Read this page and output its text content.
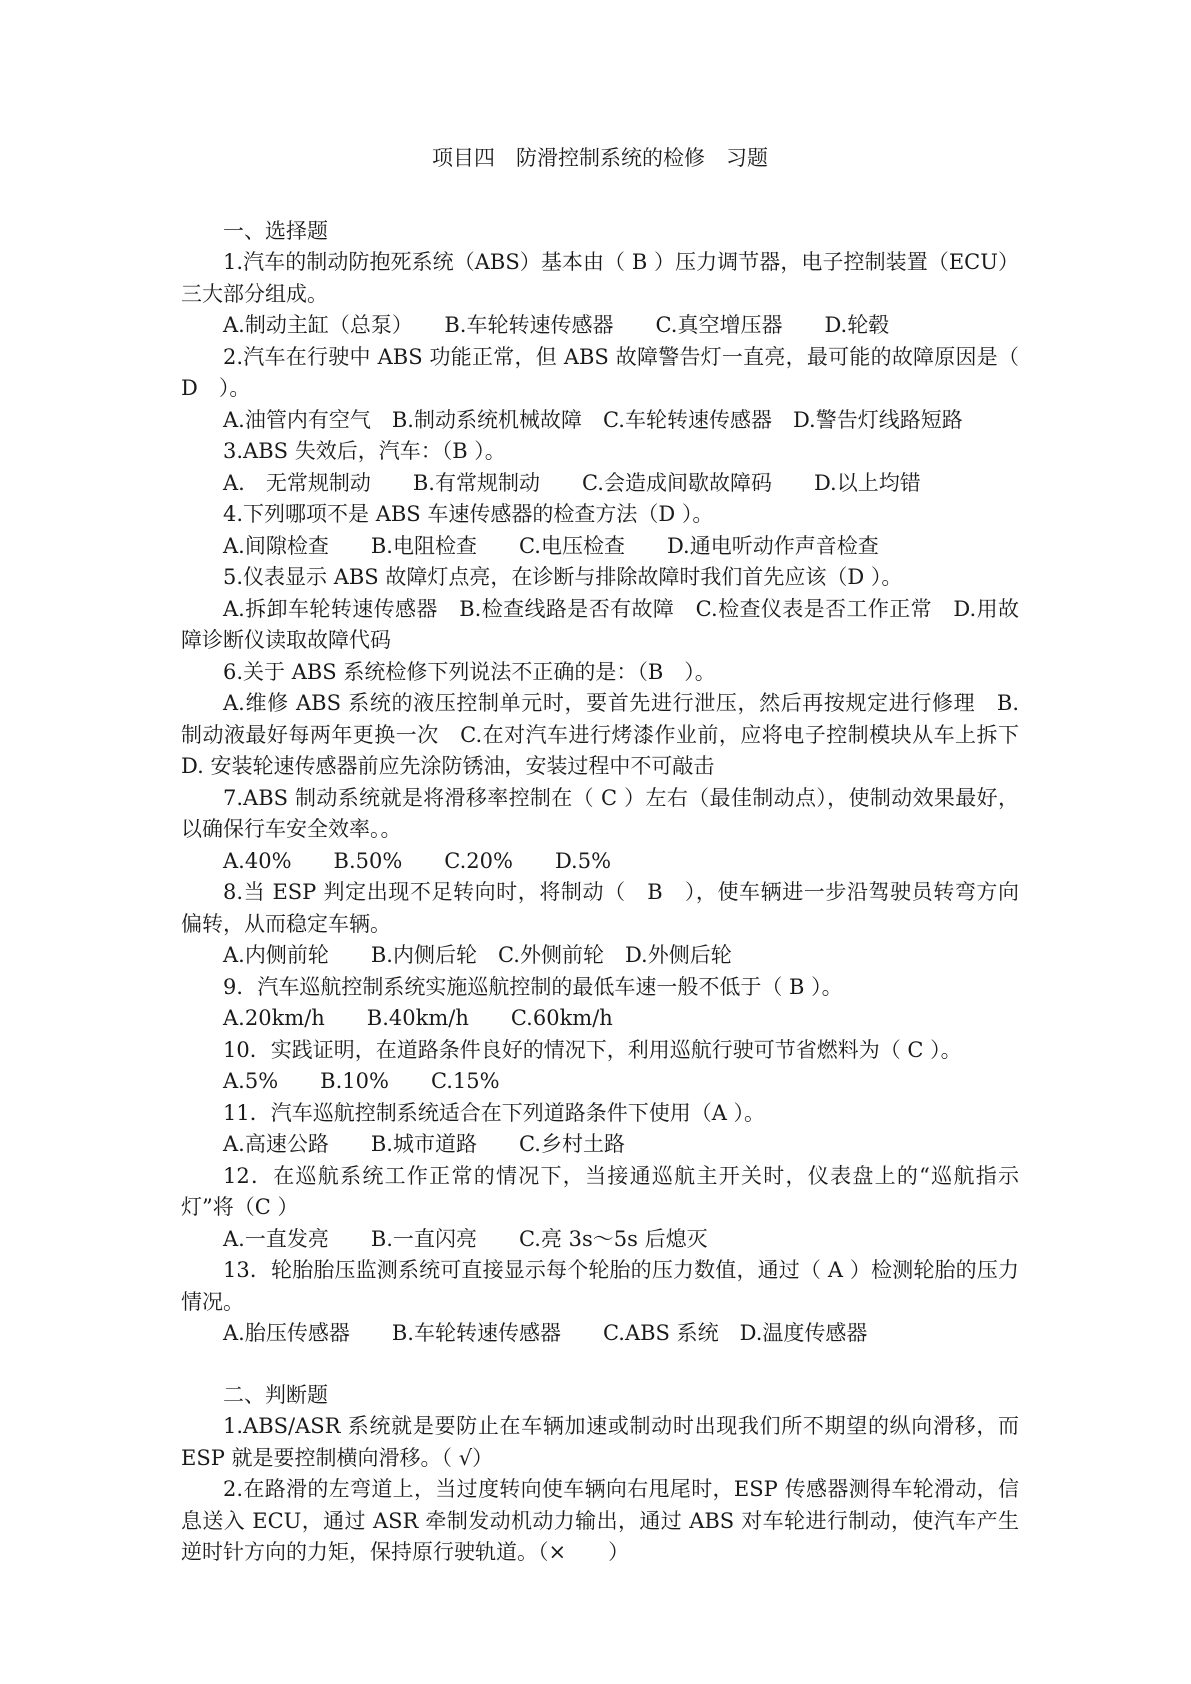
项目四　防滑控制系统的检修　习题
一、选择题

1.汽车的制动防抱死系统（ABS）基本由（ B ）压力调节器，电子控制装置（ECU）三大部分组成。

A.制动主缸（总泵）　　B.车轮转速传感器　　C.真空增压器　　D.轮毂

2.汽车在行驶中 ABS 功能正常，但 ABS 故障警告灯一直亮，最可能的故障原因是（　D　）。

A.油管内有空气　B.制动系统机械故障　C.车轮转速传感器　D.警告灯线路短路

3.ABS 失效后，汽车：（B ）。

A.　无常规制动　　B.有常规制动　　C.会造成间歇故障码　　D.以上均错

4.下列哪项不是 ABS 车速传感器的检查方法（D ）。

A.间隙检查　　B.电阻检查　　C.电压检查　　D.通电听动作声音检查

5.仪表显示 ABS 故障灯点亮，在诊断与排除故障时我们首先应该（D ）。

A.拆卸车轮转速传感器　B.检查线路是否有故障　C.检查仪表是否工作正常　D.用故障诊断仪读取故障代码

6.关于 ABS 系统检修下列说法不正确的是：（B　）。

A.维修 ABS 系统的液压控制单元时，要首先进行泄压，然后再按规定进行修理　B. 制动液最好每两年更换一次　C.在对汽车进行烤漆作业前，应将电子控制模块从车上拆下　D. 安装轮速传感器前应先涂防锈油，安装过程中不可敲击

7.ABS 制动系统就是将滑移率控制在（ C ）左右（最佳制动点），使制动效果最好，以确保行车安全效率。。

A.40%　　B.50%　　C.20%　　D.5%

8.当 ESP 判定出现不足转向时，将制动（　B　），使车辆进一步沿驾驶员转弯方向偏转，从而稳定车辆。

A.内侧前轮　　B.内侧后轮　C.外侧前轮　D.外侧后轮

9．汽车巡航控制系统实施巡航控制的最低车速一般不低于（ B ）。

A.20km/h　　B.40km/h　　C.60km/h

10．实践证明，在道路条件良好的情况下，利用巡航行驶可节省燃料为（ C ）。

A.5%　　B.10%　　C.15%

11．汽车巡航控制系统适合在下列道路条件下使用（A ）。

A.高速公路　　B.城市道路　　C.乡村土路

12．在巡航系统工作正常的情况下，当接通巡航主开关时，仪表盘上的“巡航指示灯”将（C ）

A.一直发亮　　B.一直闪亮　　C.亮 3s～5s 后熄灭

13．轮胎胎压监测系统可直接显示每个轮胎的压力数值，通过（ A ）检测轮胎的压力情况。

A.胎压传感器　　B.车轮转速传感器　　C.ABS 系统　D.温度传感器

二、判断题

1.ABS/ASR 系统就是要防止在车辆加速或制动时出现我们所不期望的纵向滑移，而 ESP 就是要控制横向滑移。（ √）

2.在路滑的左弯道上，当过度转向使车辆向右甩尾时，ESP 传感器测得车轮滑动，信息送入 ECU，通过 ASR 牵制发动机动力输出，通过 ABS 对车轮进行制动，使汽车产生逆时针方向的力矩，保持原行驶轨道。（×　　）
